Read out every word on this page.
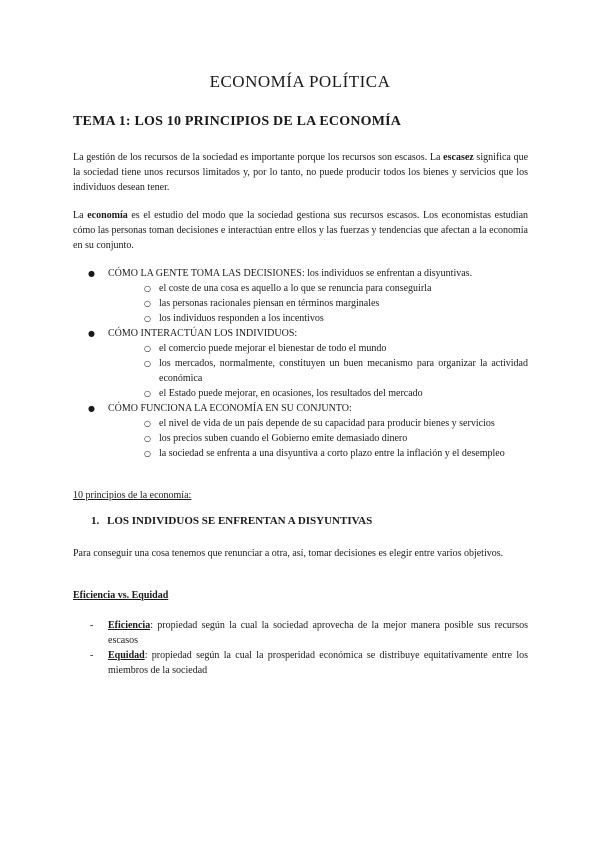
ECONOMÍA POLÍTICA
TEMA 1: LOS 10 PRINCIPIOS DE LA ECONOMÍA

La gestión de los recursos de la sociedad es importante porque los recursos son escasos. La escasez significa que la sociedad tiene unos recursos limitados y, por lo tanto, no puede producir todos los bienes y servicios que los individuos desean tener.

La economía es el estudio del modo que la sociedad gestiona sus recursos escasos. Los economistas estudian cómo las personas toman decisiones e interactúan entre ellos y las fuerzas y tendencias que afectan a la economía en su conjunto.

● CÓMO LA GENTE TOMA LAS DECISIONES: los individuos se enfrentan a disyuntivas.
○ el coste de una cosa es aquello a lo que se renuncia para conseguirla
○ las personas racionales piensan en términos marginales
○ los individuos responden a los incentivos
● CÓMO INTERACTÚAN LOS INDIVIDUOS:
○ el comercio puede mejorar el bienestar de todo el mundo
○ los mercados, normalmente, constituyen un buen mecanismo para organizar la actividad económica
○ el Estado puede mejorar, en ocasiones, los resultados del mercado
● CÓMO FUNCIONA LA ECONOMÍA EN SU CONJUNTO:
○ el nivel de vida de un país depende de su capacidad para producir bienes y servicios
○ los precios suben cuando el Gobierno emite demasiado dinero
○ la sociedad se enfrenta a una disyuntiva a corto plazo entre la inflación y el desempleo
10 principios de la economía:
1. LOS INDIVIDUOS SE ENFRENTAN A DISYUNTIVAS

Para conseguir una cosa tenemos que renunciar a otra, así, tomar decisiones es elegir entre varios objetivos.

Eficiencia vs. Equidad
- Eficiencia: propiedad según la cual la sociedad aprovecha de la mejor manera posible sus recursos escasos
- Equidad: propiedad según la cual la prosperidad económica se distribuye equitativamente entre los miembros de la sociedad
